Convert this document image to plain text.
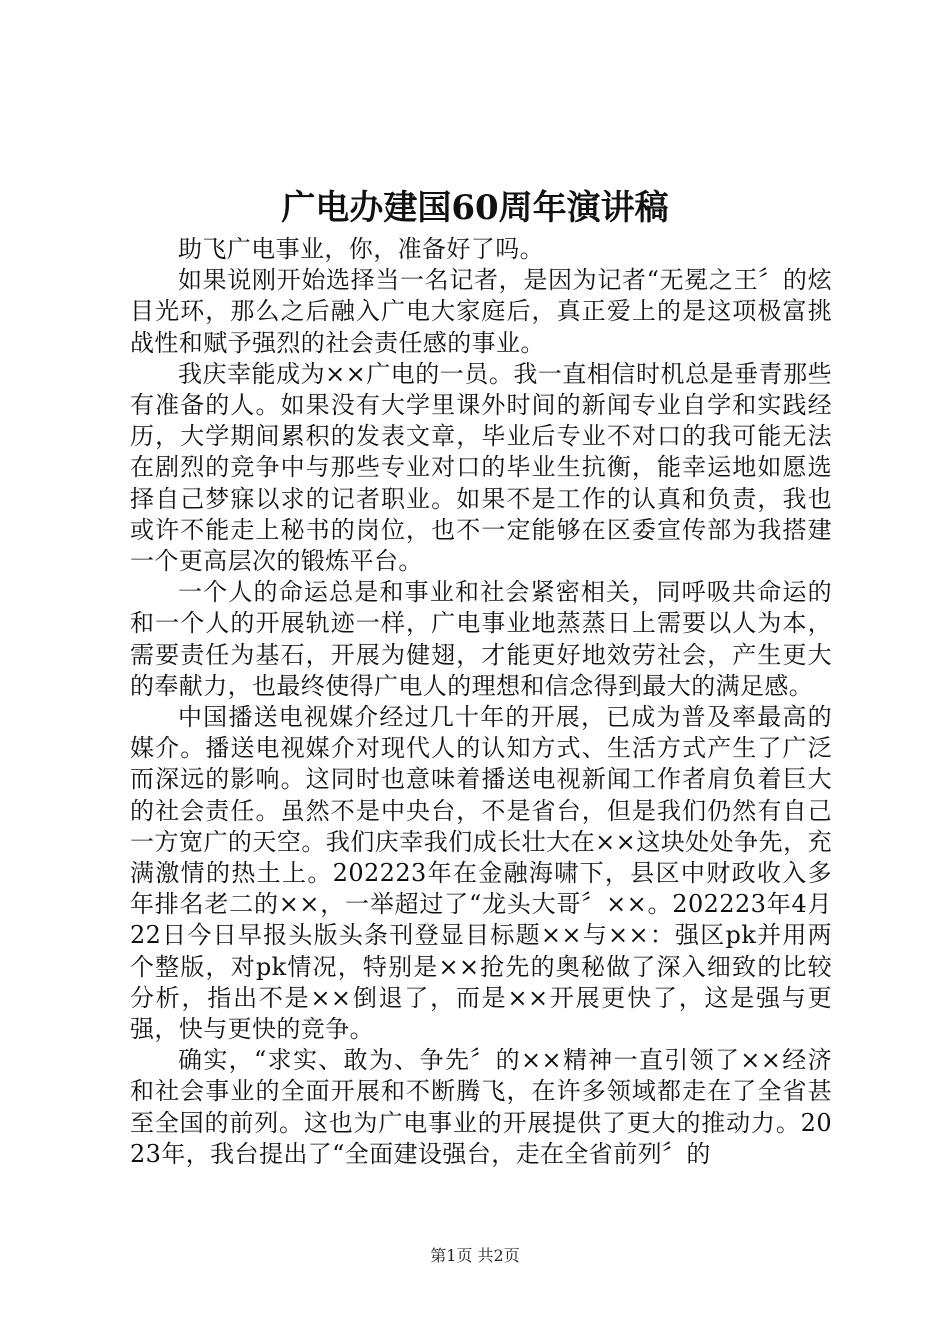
广电办建国60周年演讲稿

助飞广电事业，你，准备好了吗。

如果说刚开始选择当一名记者，是因为记者“无冕之王〞的炫目光环，那么之后融入广电大家庭后，真正爱上的是这项极富挑战性和赋予强烈的社会责任感的事业。

我庆幸能成为××广电的一员。我一直相信时机总是垂青那些有准备的人。如果没有大学里课外时间的新闻专业自学和实践经历，大学期间累积的发表文章，毕业后专业不对口的我可能无法在剧烈的竞争中与那些专业对口的毕业生抗衡，能幸运地如愿选择自己梦寐以求的记者职业。如果不是工作的认真和负责，我也或许不能走上秘书的岗位，也不一定能够在区委宣传部为我搭建一个更高层次的锻炼平台。

一个人的命运总是和事业和社会紧密相关，同呼吸共命运的和一个人的开展轨迹一样，广电事业地蒸蒸日上需要以人为本，需要责任为基石，开展为健翅，才能更好地效劳社会，产生更大的奉献力，也最终使得广电人的理想和信念得到最大的满足感。

中国播送电视媒介经过几十年的开展，已成为普及率最高的媒介。播送电视媒介对现代人的认知方式、生活方式产生了广泛而深远的影响。这同时也意味着播送电视新闻工作者肩负着巨大的社会责任。虽然不是中央台，不是省台，但是我们仍然有自己一方宽广的天空。我们庆幸我们成长壮大在××这块处处争先，充满激情的热土上。202223年在金融海啸下，县区中财政收入多年排名老二的××，一举超过了“龙头大哥〞××。202223年4月22日今日早报头版头条刊登显目标题××与××：强区pk并用两个整版，对pk情况，特别是××抢先的奥秘做了深入细致的比较分析，指出不是××倒退了，而是××开展更快了，这是强与更强，快与更快的竞争。

确实，“求实、敢为、争先〞的××精神一直引领了××经济和社会事业的全面开展和不断腾飞，在许多领域都走在了全省甚至全国的前列。这也为广电事业的开展提供了更大的推动力。2023年，我台提出了“全面建设强台，走在全省前列〞的

第1页 共2页
